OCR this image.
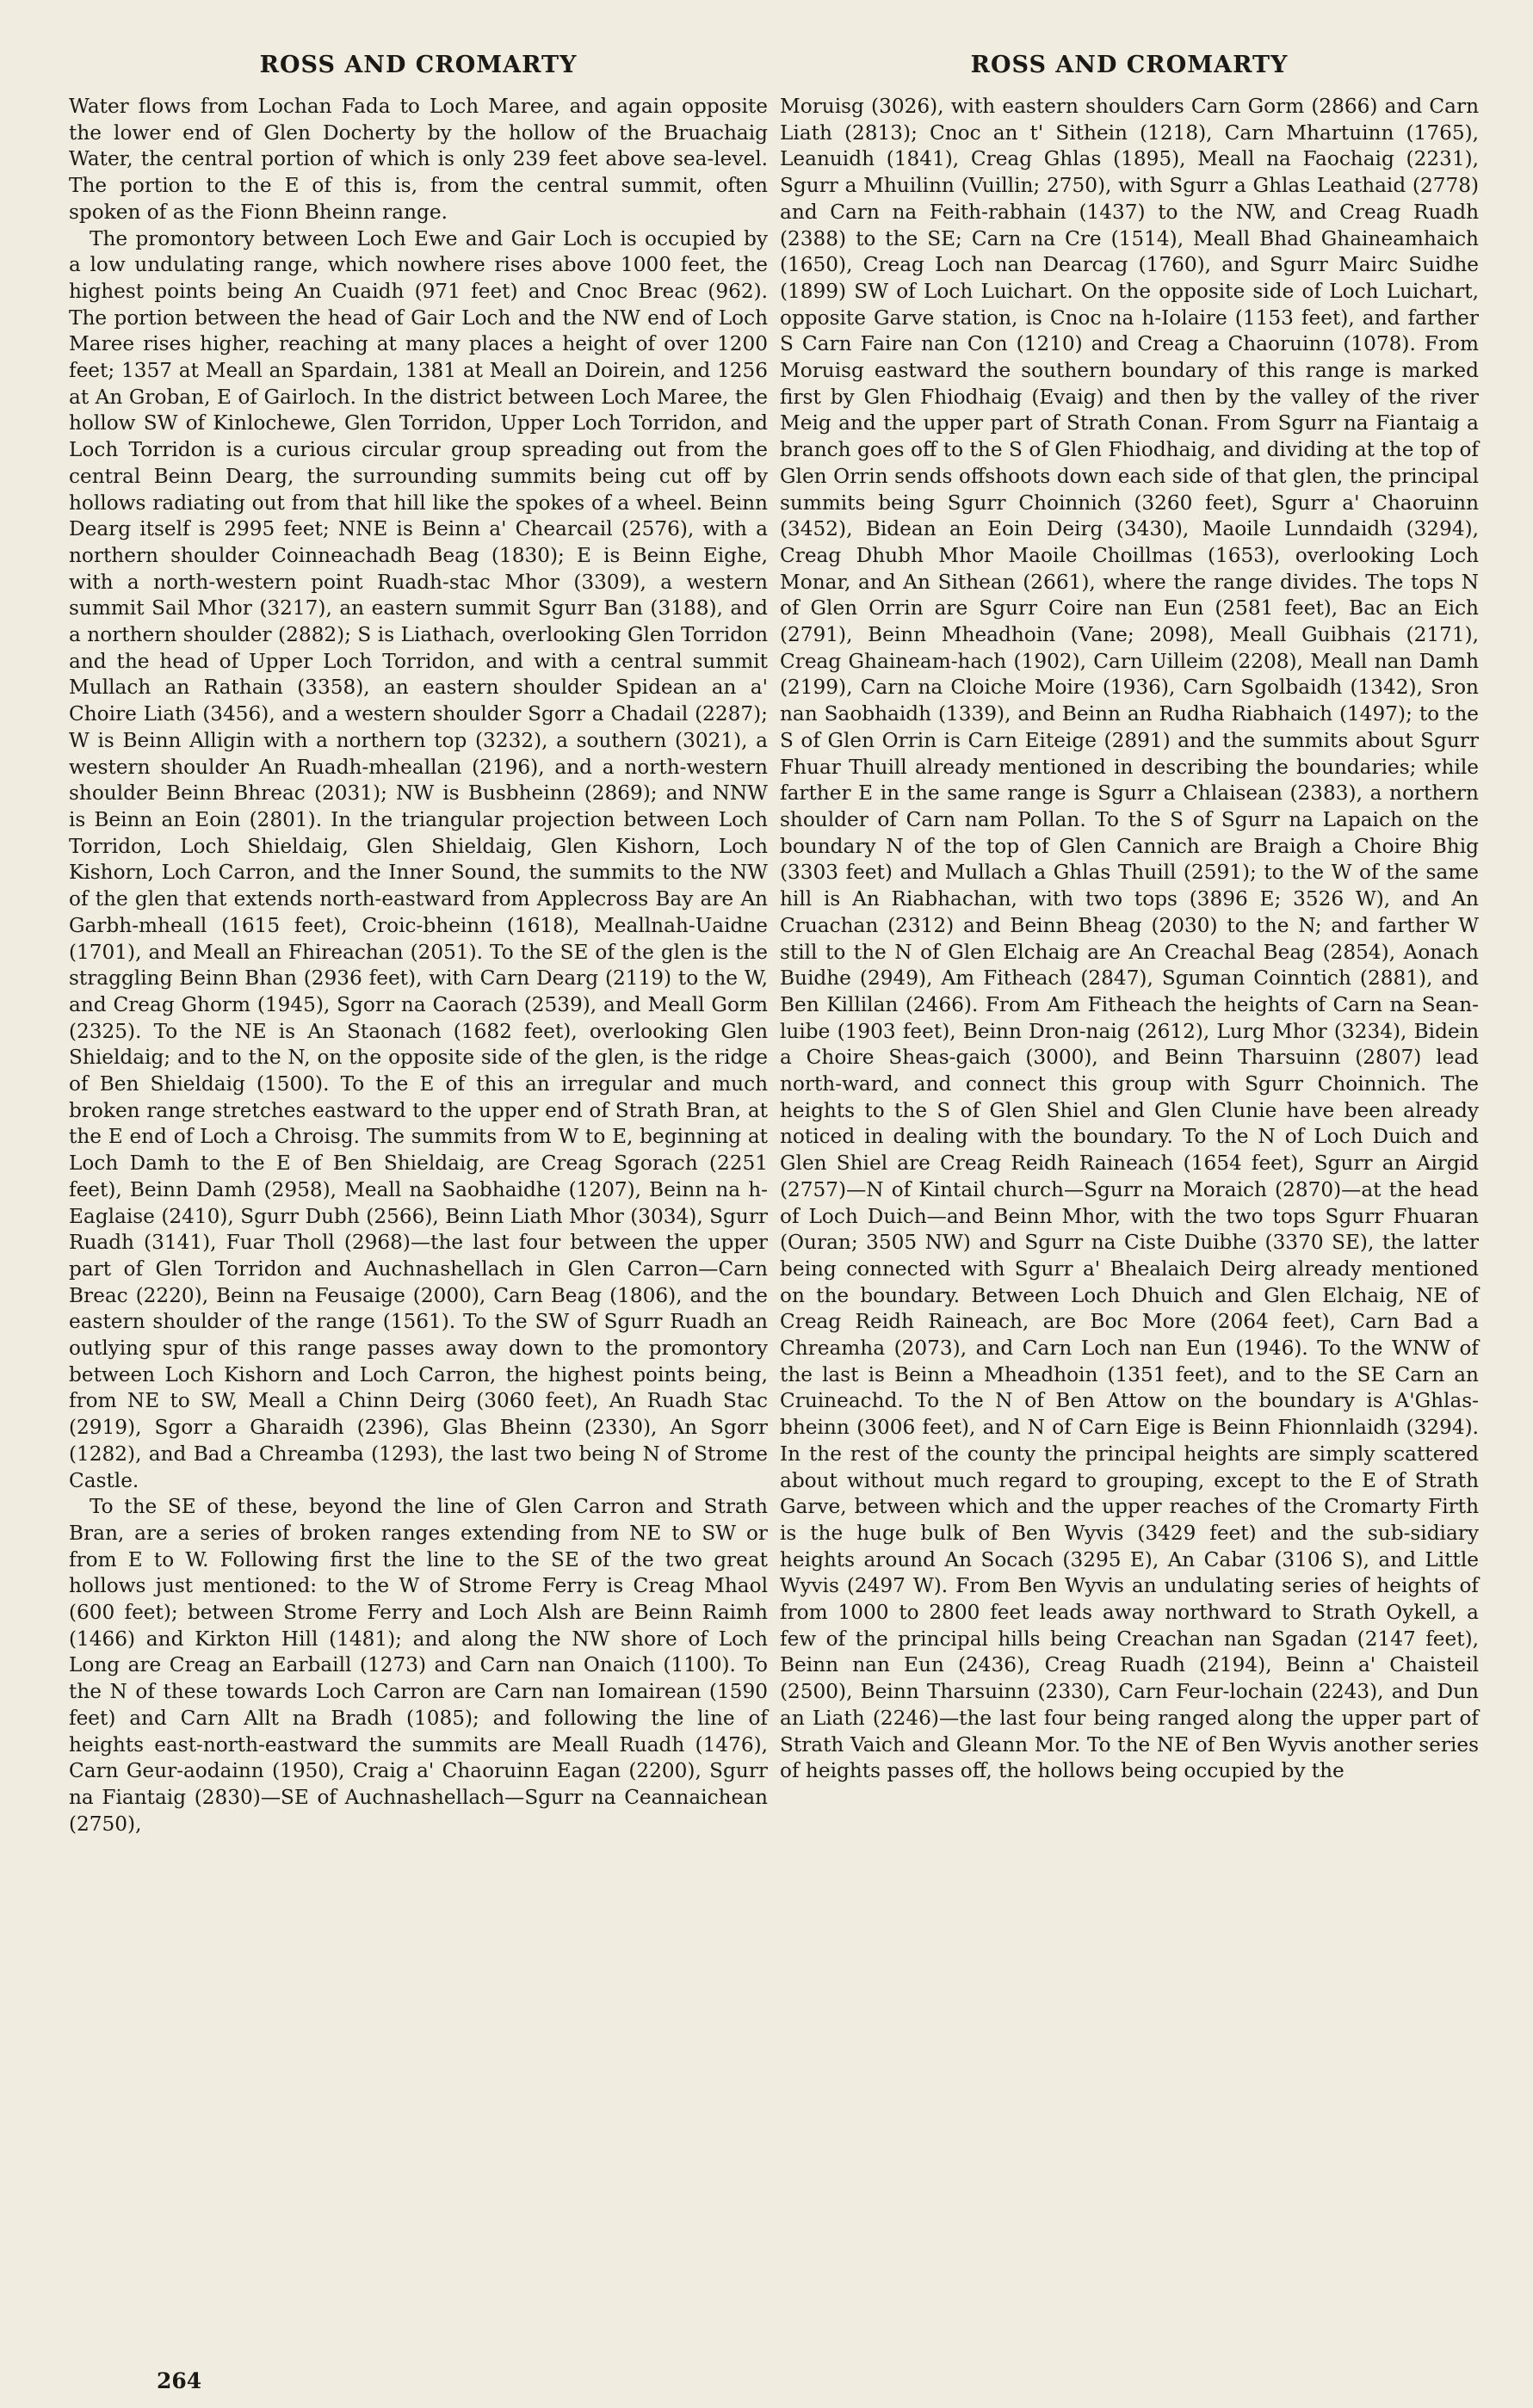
ROSS AND CROMARTY

Water flows from Lochan Fada to Loch Maree, and again opposite the lower end of Glen Docherty by the hollow of the Bruachaig Water, the central portion of which is only 239 feet above sea-level. The portion to the E of this is, from the central summit, often spoken of as the Fionn Bheinn range.

The promontory between Loch Ewe and Gair Loch is occupied by a low undulating range, which nowhere rises above 1000 feet, the highest points being An Cuaidh (971 feet) and Cnoc Breac (962). The portion between the head of Gair Loch and the NW end of Loch Maree rises higher, reaching at many places a height of over 1200 feet; 1357 at Meall an Spardain, 1381 at Meall an Doirein, and 1256 at An Groban, E of Gairloch. In the district between Loch Maree, the hollow SW of Kinlochewe, Glen Torridon, Upper Loch Torridon, and Loch Torridon is a curious circular group spreading out from the central Beinn Dearg, the surrounding summits being cut off by hollows radiating out from that hill like the spokes of a wheel. Beinn Dearg itself is 2995 feet; NNE is Beinn a' Chearcail (2576), with a northern shoulder Coinneachadh Beag (1830); E is Beinn Eighe, with a north-western point Ruadh-stac Mhor (3309), a western summit Sail Mhor (3217), an eastern summit Sgurr Ban (3188), and a northern shoulder (2882); S is Liathach, overlooking Glen Torridon and the head of Upper Loch Torridon, and with a central summit Mullach an Rathain (3358), an eastern shoulder Spidean an a' Choire Liath (3456), and a western shoulder Sgorr a Chadail (2287); W is Beinn Alligin with a northern top (3232), a southern (3021), a western shoulder An Ruadh-mheallan (2196), and a north-western shoulder Beinn Bhreac (2031); NW is Busbheinn (2869); and NNW is Beinn an Eoin (2801). In the triangular projection between Loch Torridon, Loch Shieldaig, Glen Shieldaig, Glen Kishorn, Loch Kishorn, Loch Carron, and the Inner Sound, the summits to the NW of the glen that extends north-eastward from Applecross Bay are An Garbh-mheall (1615 feet), Croic-bheinn (1618), Meallnah-Uaidne (1701), and Meall an Fhireachan (2051). To the SE of the glen is the straggling Beinn Bhan (2936 feet), with Carn Dearg (2119) to the W, and Creag Ghorm (1945), Sgorr na Caorach (2539), and Meall Gorm (2325). To the NE is An Staonach (1682 feet), overlooking Glen Shieldaig; and to the N, on the opposite side of the glen, is the ridge of Ben Shieldaig (1500). To the E of this an irregular and much broken range stretches eastward to the upper end of Strath Bran, at the E end of Loch a Chroisg. The summits from W to E, beginning at Loch Damh to the E of Ben Shieldaig, are Creag Sgorach (2251 feet), Beinn Damh (2958), Meall na Saobhaidhe (1207), Beinn na h-Eaglaise (2410), Sgurr Dubh (2566), Beinn Liath Mhor (3034), Sgurr Ruadh (3141), Fuar Tholl (2968)—the last four between the upper part of Glen Torridon and Auchnashellach in Glen Carron—Carn Breac (2220), Beinn na Feusaige (2000), Carn Beag (1806), and the eastern shoulder of the range (1561). To the SW of Sgurr Ruadh an outlying spur of this range passes away down to the promontory between Loch Kishorn and Loch Carron, the highest points being, from NE to SW, Meall a Chinn Deirg (3060 feet), An Ruadh Stac (2919), Sgorr a Gharaidh (2396), Glas Bheinn (2330), An Sgorr (1282), and Bad a Chreamba (1293), the last two being N of Strome Castle.

To the SE of these, beyond the line of Glen Carron and Strath Bran, are a series of broken ranges extending from NE to SW or from E to W. Following first the line to the SE of the two great hollows just mentioned: to the W of Strome Ferry is Creag Mhaol (600 feet); between Strome Ferry and Loch Alsh are Beinn Raimh (1466) and Kirkton Hill (1481); and along the NW shore of Loch Long are Creag an Earbaill (1273) and Carn nan Onaich (1100). To the N of these towards Loch Carron are Carn nan Iomairean (1590 feet) and Carn Allt na Bradh (1085); and following the line of heights east-north-eastward the summits are Meall Ruadh (1476), Carn Geur-aodainn (1950), Craig a' Chaoruinn Eagan (2200), Sgurr na Fiantaig (2830)—SE of Auchnashellach—Sgurr na Ceannaichean (2750),

ROSS AND CROMARTY

Moruisg (3026), with eastern shoulders Carn Gorm (2866) and Carn Liath (2813); Cnoc an t' Sithein (1218), Carn Mhartuinn (1765), Leanuidh (1841), Creag Ghlas (1895), Meall na Faochaig (2231), Sgurr a Mhuilinn (Vuillin; 2750), with Sgurr a Ghlas Leathaid (2778) and Carn na Feith-rabhain (1437) to the NW, and Creag Ruadh (2388) to the SE; Carn na Cre (1514), Meall Bhad Ghaineamhaich (1650), Creag Loch nan Dearcag (1760), and Sgurr Mairc Suidhe (1899) SW of Loch Luichart. On the opposite side of Loch Luichart, opposite Garve station, is Cnoc na h-Iolaire (1153 feet), and farther S Carn Faire nan Con (1210) and Creag a Chaoruinn (1078). From Moruisg eastward the southern boundary of this range is marked first by Glen Fhiodhaig (Evaig) and then by the valley of the river Meig and the upper part of Strath Conan. From Sgurr na Fiantaig a branch goes off to the S of Glen Fhiodhaig, and dividing at the top of Glen Orrin sends offshoots down each side of that glen, the principal summits being Sgurr Choinnich (3260 feet), Sgurr a' Chaoruinn (3452), Bidean an Eoin Deirg (3430), Maoile Lunndaidh (3294), Creag Dhubh Mhor Maoile Choillmas (1653), overlooking Loch Monar, and An Sithean (2661), where the range divides. The tops N of Glen Orrin are Sgurr Coire nan Eun (2581 feet), Bac an Eich (2791), Beinn Mheadhoin (Vane; 2098), Meall Guibhais (2171), Creag Ghaineam-hach (1902), Carn Uilleim (2208), Meall nan Damh (2199), Carn na Cloiche Moire (1936), Carn Sgolbaidh (1342), Sron nan Saobhaidh (1339), and Beinn an Rudha Riabhaich (1497); to the S of Glen Orrin is Carn Eiteige (2891) and the summits about Sgurr Fhuar Thuill already mentioned in describing the boundaries; while farther E in the same range is Sgurr a Chlaisean (2383), a northern shoulder of Carn nam Pollan. To the S of Sgurr na Lapaich on the boundary N of the top of Glen Cannich are Braigh a Choire Bhig (3303 feet) and Mullach a Ghlas Thuill (2591); to the W of the same hill is An Riabhachan, with two tops (3896 E; 3526 W), and An Cruachan (2312) and Beinn Bheag (2030) to the N; and farther W still to the N of Glen Elchaig are An Creachal Beag (2854), Aonach Buidhe (2949), Am Fitheach (2847), Sguman Coinntich (2881), and Ben Killilan (2466). From Am Fitheach the heights of Carn na Sean-luibe (1903 feet), Beinn Dron-naig (2612), Lurg Mhor (3234), Bidein a Choire Sheas-gaich (3000), and Beinn Tharsuinn (2807) lead north-ward, and connect this group with Sgurr Choinnich. The heights to the S of Glen Shiel and Glen Clunie have been already noticed in dealing with the boundary. To the N of Loch Duich and Glen Shiel are Creag Reidh Raineach (1654 feet), Sgurr an Airgid (2757)—N of Kintail church—Sgurr na Moraich (2870)—at the head of Loch Duich—and Beinn Mhor, with the two tops Sgurr Fhuaran (Ouran; 3505 NW) and Sgurr na Ciste Duibhe (3370 SE), the latter being connected with Sgurr a' Bhealaich Deirg already mentioned on the boundary. Between Loch Dhuich and Glen Elchaig, NE of Creag Reidh Raineach, are Boc More (2064 feet), Carn Bad a Chreamha (2073), and Carn Loch nan Eun (1946). To the WNW of the last is Beinn a Mheadhoin (1351 feet), and to the SE Carn an Cruineachd. To the N of Ben Attow on the boundary is A'Ghlas-bheinn (3006 feet), and N of Carn Eige is Beinn Fhionnlaidh (3294). In the rest of the county the principal heights are simply scattered about without much regard to grouping, except to the E of Strath Garve, between which and the upper reaches of the Cromarty Firth is the huge bulk of Ben Wyvis (3429 feet) and the sub-sidiary heights around An Socach (3295 E), An Cabar (3106 S), and Little Wyvis (2497 W). From Ben Wyvis an undulating series of heights of from 1000 to 2800 feet leads away northward to Strath Oykell, a few of the principal hills being Creachan nan Sgadan (2147 feet), Beinn nan Eun (2436), Creag Ruadh (2194), Beinn a' Chaisteil (2500), Beinn Tharsuinn (2330), Carn Feur-lochain (2243), and Dun an Liath (2246)—the last four being ranged along the upper part of Strath Vaich and Gleann Mor. To the NE of Ben Wyvis another series of heights passes off, the hollows being occupied by the

264
